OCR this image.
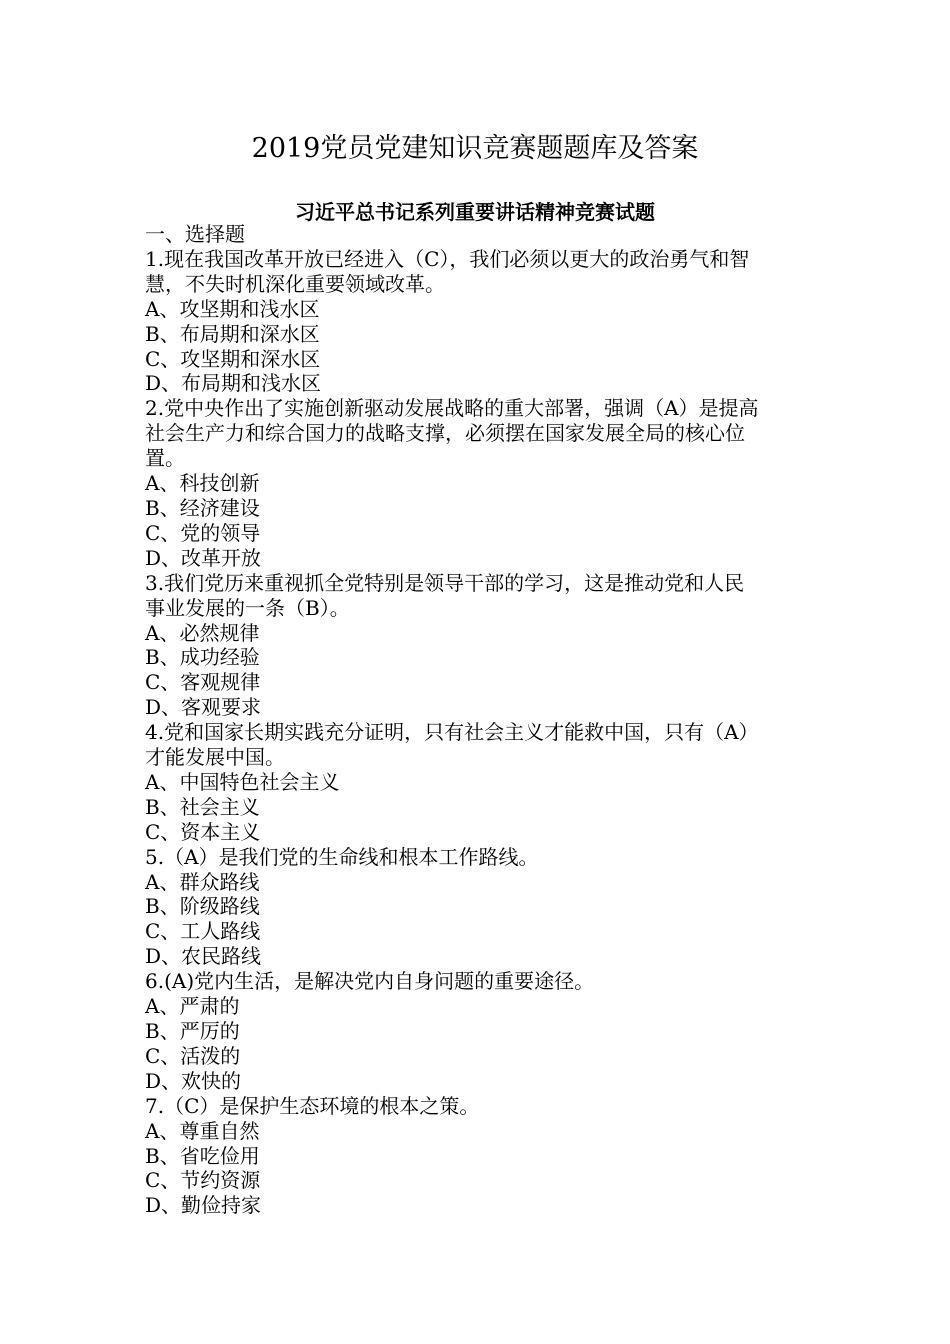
2019党员党建知识竞赛题题库及答案
习近平总书记系列重要讲话精神竞赛试题
一、选择题
1.现在我国改革开放已经进入（C），我们必须以更大的政治勇气和智
慧，不失时机深化重要领域改革。
A、攻坚期和浅水区
B、布局期和深水区
C、攻坚期和深水区
D、布局期和浅水区
2.党中央作出了实施创新驱动发展战略的重大部署，强调（A）是提高
社会生产力和综合国力的战略支撑，必须摆在国家发展全局的核心位
置。
A、科技创新
B、经济建设
C、党的领导
D、改革开放
3.我们党历来重视抓全党特别是领导干部的学习，这是推动党和人民
事业发展的一条（B）。
A、必然规律
B、成功经验
C、客观规律
D、客观要求
4.党和国家长期实践充分证明，只有社会主义才能救中国，只有（A）
才能发展中国。
A、中国特色社会主义
B、社会主义
C、资本主义
5.（A）是我们党的生命线和根本工作路线。
A、群众路线
B、阶级路线
C、工人路线
D、农民路线
6.(A)党内生活，是解决党内自身问题的重要途径。
A、严肃的
B、严厉的
C、活泼的
D、欢快的
7.（C）是保护生态环境的根本之策。
A、尊重自然
B、省吃俭用
C、节约资源
D、勤俭持家
